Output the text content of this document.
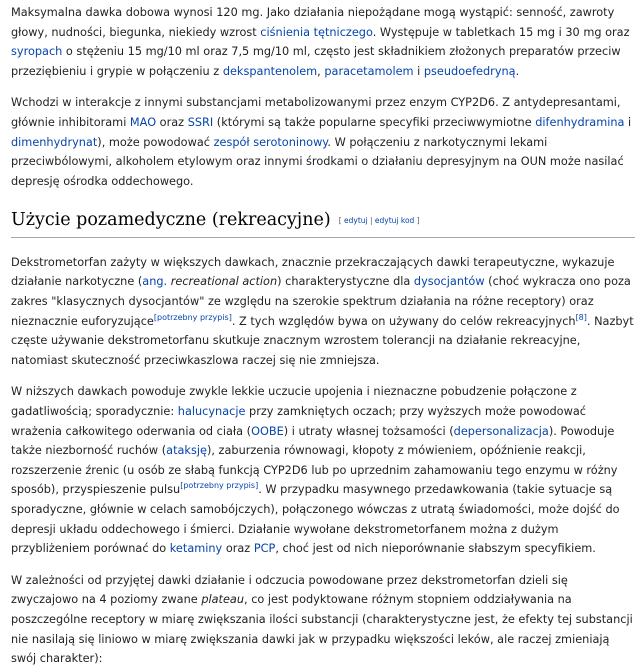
Maksymalna dawka dobowa wynosi 120 mg. Jako działania niepożądane mogą wystąpić: senność, zawroty głowy, nudności, biegunka, niekiedy wzrost ciśnienia tętniczego. Występuje w tabletkach 15 mg i 30 mg oraz syropach o stężeniu 15 mg/10 ml oraz 7,5 mg/10 ml, często jest składnikiem złożonych preparatów przeciw przeziębieniu i grypie w połączeniu z dekspantenolem, paracetamolem i pseudoefedryną.

Wchodzi w interakcje z innymi substancjami metabolizowanymi przez enzym CYP2D6. Z antydepresantami, głównie inhibitorami MAO oraz SSRI (którymi są także popularne specyfiki przeciwwymiotne difenhydramina i dimenhydrynat), może powodować zespół serotoninowy. W połączeniu z narkotycznymi lekami przeciwbólowymi, alkoholem etylowym oraz innymi środkami o działaniu depresyjnym na OUN może nasilać depresję ośrodka oddechowego.

Użycie pozamedyczne (rekreacyjne) [ edytuj | edytuj kod ]

Dekstrometorfan zażyty w większych dawkach, znacznie przekraczających dawki terapeutyczne, wykazuje działanie narkotyczne (ang. recreational action) charakterystyczne dla dysocjantów (choć wykracza ono poza zakres "klasycznych dysocjantów" ze względu na szerokie spektrum działania na różne receptory) oraz nieznacznie euforyzujące[potrzebny przypis]. Z tych względów bywa on używany do celów rekreacyjnych[8]. Nazbyt częste używanie dekstrometorfanu skutkuje znacznym wzrostem tolerancji na działanie rekreacyjne, natomiast skuteczność przeciwkaszlowa raczej się nie zmniejsza.

W niższych dawkach powoduje zwykle lekkie uczucie upojenia i nieznaczne pobudzenie połączone z gadatliwością; sporadycznie: halucynacje przy zamkniętych oczach; przy wyższych może powodować wrażenia całkowitego oderwania od ciała (OOBE) i utraty własnej tożsamości (depersonalizacja). Powoduje także niezborność ruchów (ataksję), zaburzenia równowagi, kłopoty z mówieniem, opóźnienie reakcji, rozszerzenie źrenic (u osób ze słabą funkcją CYP2D6 lub po uprzednim zahamowaniu tego enzymu w różny sposób), przyspieszenie pulsu[potrzebny przypis]. W przypadku masywnego przedawkowania (takie sytuacje są sporadyczne, głównie w celach samobójczych), połączonego wówczas z utratą świadomości, może dojść do depresji układu oddechowego i śmierci. Działanie wywołane dekstrometorfanem można z dużym przybliżeniem porównać do ketaminy oraz PCP, choć jest od nich nieporównanie słabszym specyfikiem.

W zależności od przyjętej dawki działanie i odczucia powodowane przez dekstrometorfan dzieli się zwyczajowo na 4 poziomy zwane plateau, co jest podyktowane różnym stopniem oddziaływania na poszczególne receptory w miarę zwiększania ilości substancji (charakterystyczne jest, że efekty tej substancji nie nasilają się liniowo w miarę zwiększania dawki jak w przypadku większości leków, ale raczej zmieniają swój charakter):
